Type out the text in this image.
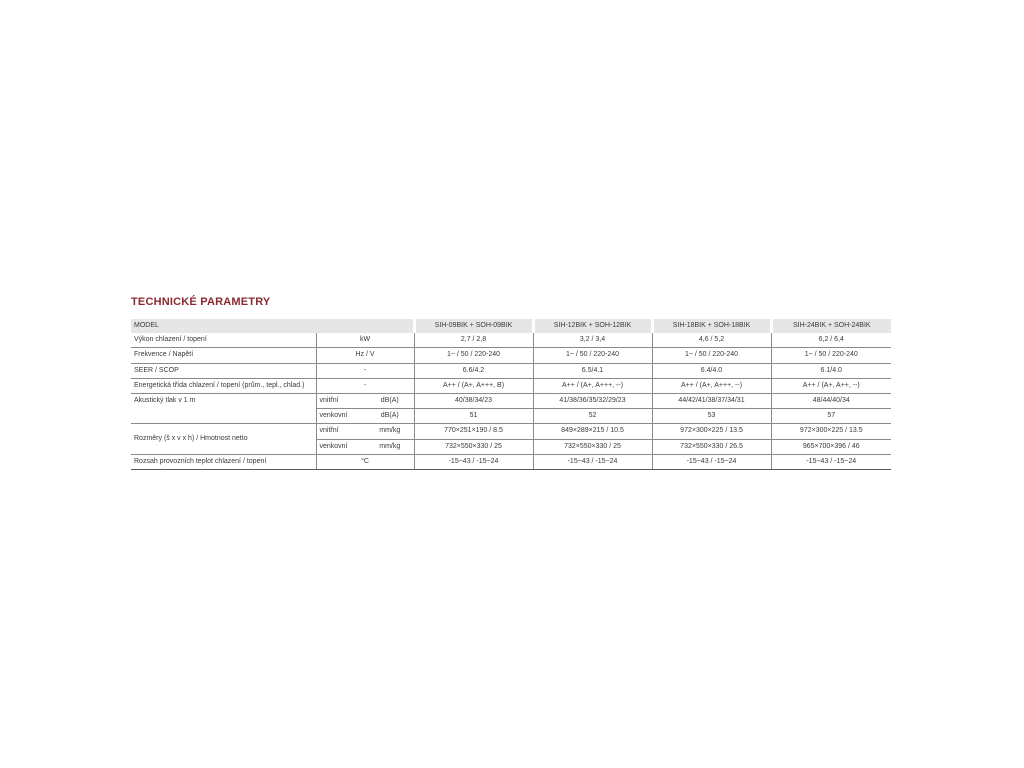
TECHNICKÉ PARAMETRY
MODEL			SIH-09BIK + SOH-09BIK	SIH-12BIK + SOH-12BIK	SIH-18BIK + SOH-18BIK	SIH-24BIK + SOH-24BIK
Výkon chlazení / topení	kW		2,7 / 2,8	3,2 / 3,4	4,6 / 5,2	6,2 / 6,4
Frekvence / Napětí	Hz / V		1~ / 50 / 220-240	1~ / 50 / 220-240	1~ / 50 / 220-240	1~ / 50 / 220-240
SEER / SCOP	-		6.6/4.2	6.5/4.1	6.4/4.0	6.1/4.0
Energetická třída chlazení / topení (prům., tepl., chlad.)	-		A++ / (A+, A+++, B)	A++ / (A+, A+++, --)	A++ / (A+, A+++, --)	A++ / (A+, A++, --)
Akustický tlak v 1 m	vnitřní	dB(A)	40/38/34/23	41/38/36/35/32/29/23	44/42/41/38/37/34/31	48/44/40/34
	venkovní	dB(A)	51	52	53	57
Rozměry (š x v x h) / Hmotnost netto	vnitřní	mm/kg	770×251×190 / 8.5	849×289×215 / 10.5	972×300×225 / 13.5	972×300×225 / 13.5
	venkovní	mm/kg	732×550×330 / 25	732×550×330 / 25	732×550×330 / 26.5	965×700×396 / 46
Rozsah provozních teplot chlazení / topení	°C		-15~43 / -15~24	-15~43 / -15~24	-15~43 / -15~24	-15~43 / -15~24
